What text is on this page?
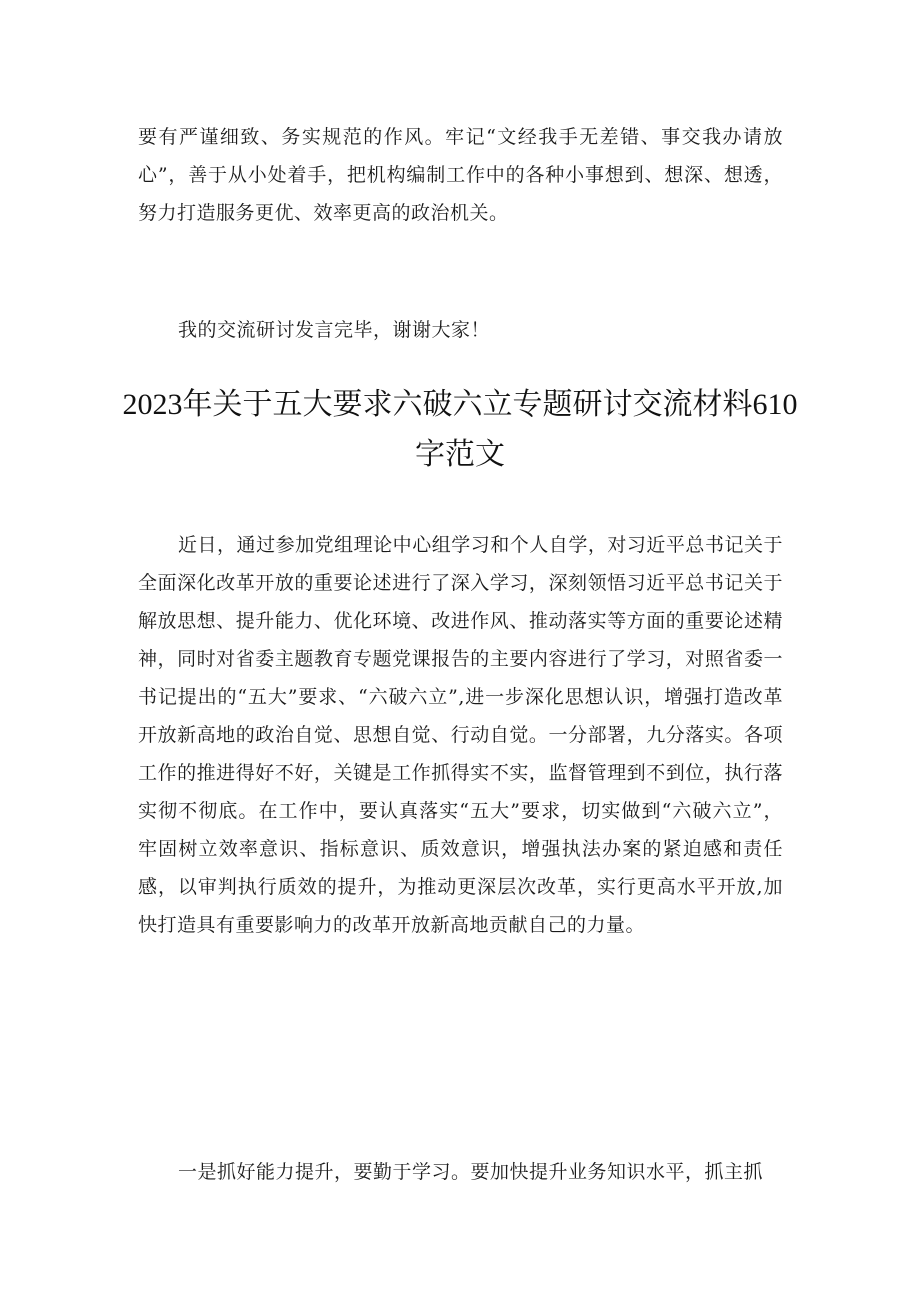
要有严谨细致、务实规范的作风。牢记“文经我手无差错、事交我办请放心”，善于从小处着手，把机构编制工作中的各种小事想到、想深、想透，努力打造服务更优、效率更高的政治机关。

我的交流研讨发言完毕，谢谢大家！

2023年关于五大要求六破六立专题研讨交流材料610字范文

近日，通过参加党组理论中心组学习和个人自学，对习近平总书记关于全面深化改革开放的重要论述进行了深入学习，深刻领悟习近平总书记关于解放思想、提升能力、优化环境、改进作风、推动落实等方面的重要论述精神，同时对省委主题教育专题党课报告的主要内容进行了学习，对照省委一书记提出的“五大”要求、“六破六立”,进一步深化思想认识，增强打造改革开放新高地的政治自觉、思想自觉、行动自觉。一分部署，九分落实。各项工作的推进得好不好，关键是工作抓得实不实，监督管理到不到位，执行落实彻不彻底。在工作中，要认真落实“五大”要求，切实做到“六破六立”，牢固树立效率意识、指标意识、质效意识，增强执法办案的紧迫感和责任感，以审判执行质效的提升，为推动更深层次改革，实行更高水平开放,加快打造具有重要影响力的改革开放新高地贡献自己的力量。

一是抓好能力提升，要勤于学习。要加快提升业务知识水平，抓主抓
